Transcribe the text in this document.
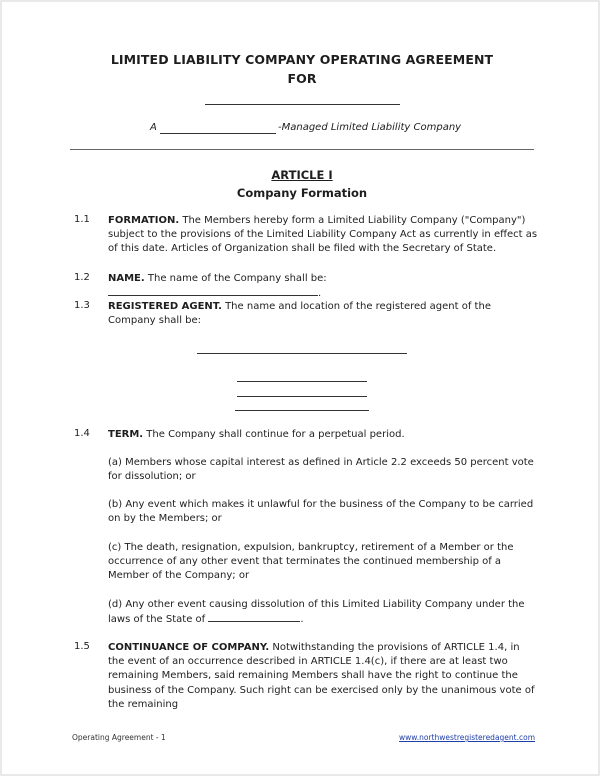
LIMITED LIABILITY COMPANY OPERATING AGREEMENT
FOR
A	-Managed Limited Liability Company
ARTICLE I
Company Formation
1.1 FORMATION. The Members hereby form a Limited Liability Company ("Company") subject to the provisions of the Limited Liability Company Act as currently in effect as of this date. Articles of Organization shall be filed with the Secretary of State.
1.2 NAME. The name of the Company shall be: .
1.3 REGISTERED AGENT. The name and location of the registered agent of the Company shall be:
1.4 TERM. The Company shall continue for a perpetual period.
(a) Members whose capital interest as defined in Article 2.2 exceeds 50 percent vote for dissolution; or
(b) Any event which makes it unlawful for the business of the Company to be carried on by the Members; or
(c) The death, resignation, expulsion, bankruptcy, retirement of a Member or the occurrence of any other event that terminates the continued membership of a Member of the Company; or
(d) Any other event causing dissolution of this Limited Liability Company under the laws of the State of	.
1.5 CONTINUANCE OF COMPANY. Notwithstanding the provisions of ARTICLE 1.4, in the event of an occurrence described in ARTICLE 1.4(c), if there are at least two remaining Members, said remaining Members shall have the right to continue the business of the Company. Such right can be exercised only by the unanimous vote of the remaining
Operating Agreement - 1	www.northwestregisteredagent.com
